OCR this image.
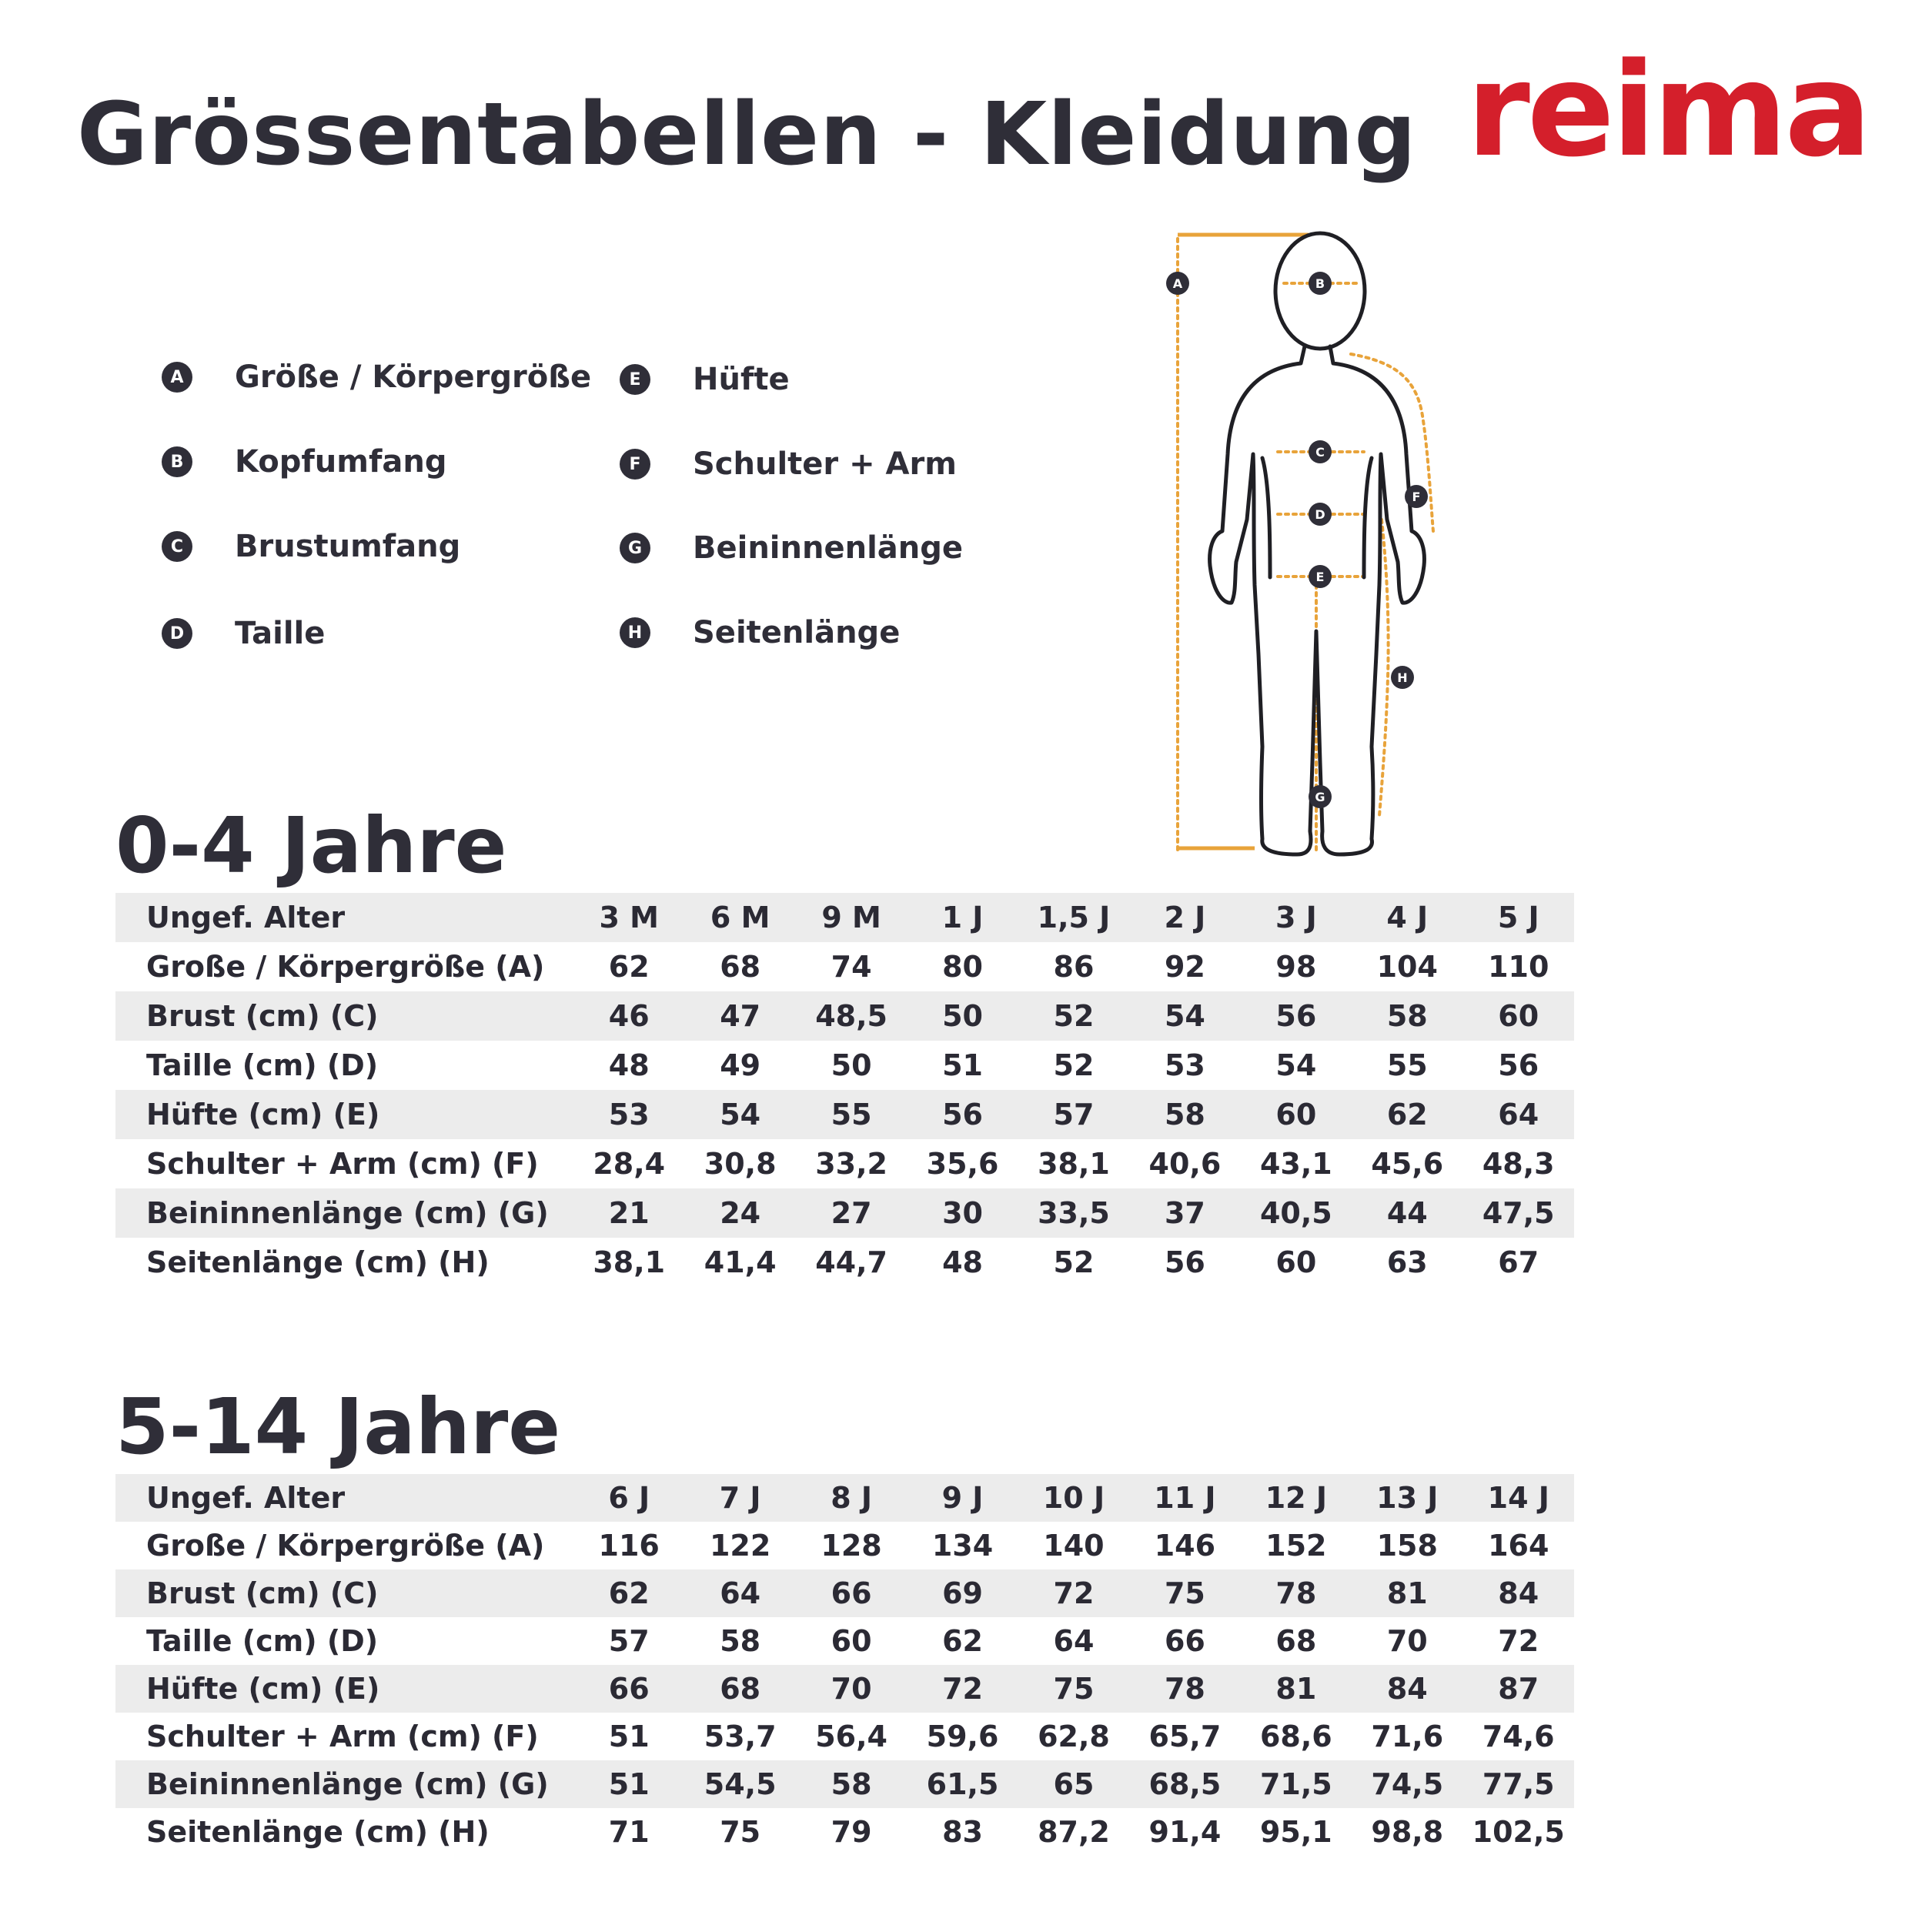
Grössentabellen - Kleidung reima
A Größe / Körpergröße
B Kopfumfang
C Brustumfang
D Taille
E	Hüfte
F	Schulter + Arm
G Beininnenlänge
H Seitenlänge
A	B
C
D
E
F
G
H
0-4 Jahre
Ungef. Alter	3 M	6 M	9 M	1 J	1,5 J	2 J	3 J	4 J	5 J
Große / Körpergröße (A)	62	68	74	80	86	92	98	104	110
Brust (cm) (C)	46	47	48,5	50	52	54	56	58	60
Taille (cm) (D)	48	49	50	51	52	53	54	55	56
Hüfte (cm) (E)	53	54	55	56	57	58	60	62	64
Schulter + Arm (cm) (F)	28,4	30,8	33,2	35,6	38,1	40,6	43,1	45,6	48,3
Beininnenlänge (cm) (G)	21	24	27	30	33,5	37	40,5	44	47,5
Seitenlänge (cm) (H)	38,1	41,4	44,7	48	52	56	60	63	67
5-14 Jahre
Ungef. Alter	6 J	7 J	8 J	9 J	10 J	11 J	12 J	13 J	14 J
Große / Körpergröße (A)	116	122	128	134	140	146	152	158	164
Brust (cm) (C)	62	64	66	69	72	75	78	81	84
Taille (cm) (D)	57	58	60	62	64	66	68	70	72
Hüfte (cm) (E)	66	68	70	72	75	78	81	84	87
Schulter + Arm (cm) (F)	51	53,7	56,4	59,6	62,8	65,7	68,6	71,6	74,6
Beininnenlänge (cm) (G)	51	54,5	58	61,5	65	68,5	71,5	74,5	77,5
Seitenlänge (cm) (H)	71	75	79	83	87,2	91,4	95,1	98,8	102,5
